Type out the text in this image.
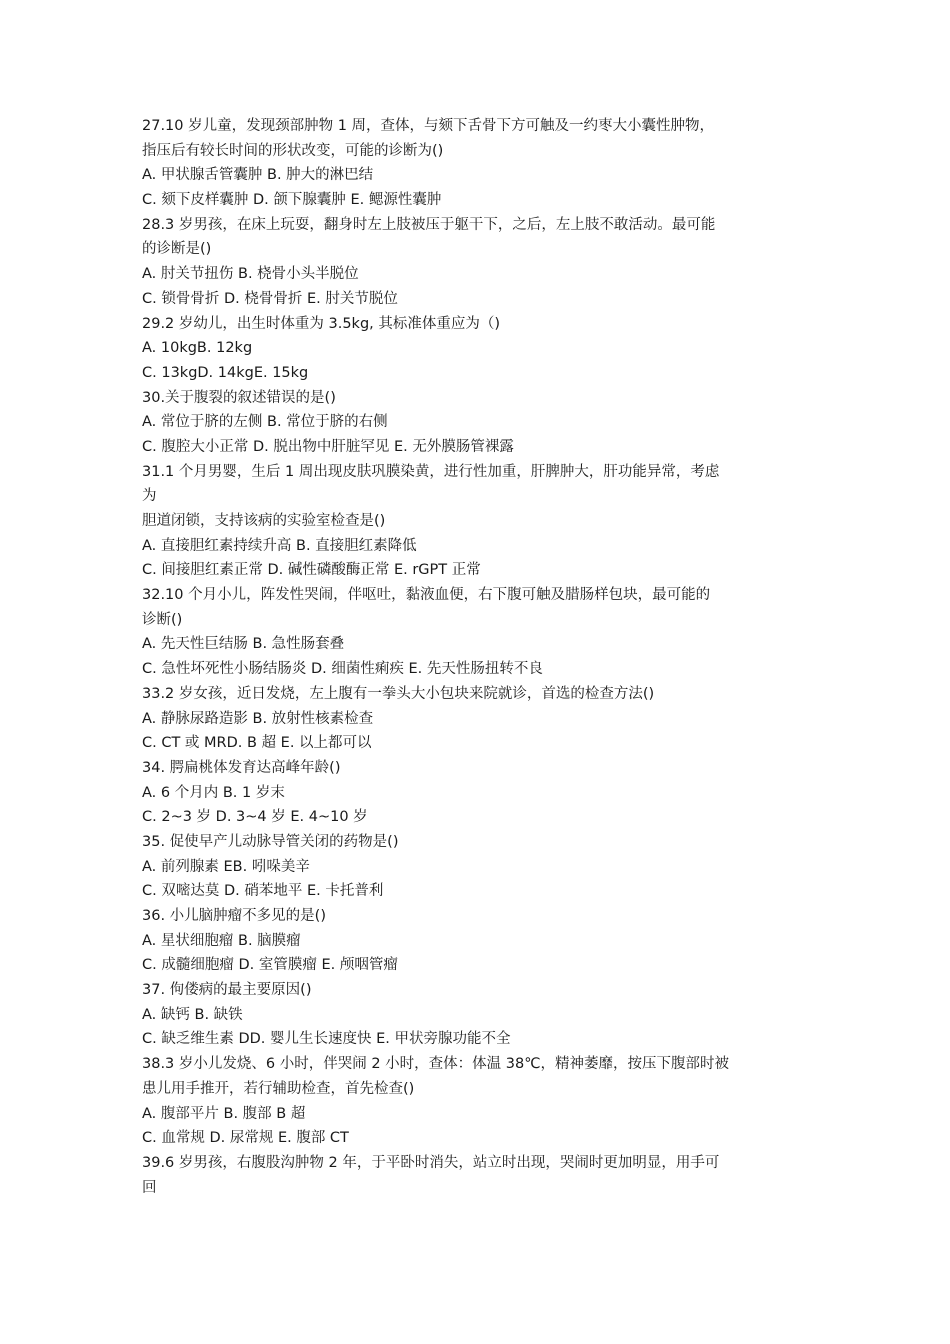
27.10 岁儿童，发现颈部肿物 1 周，查体，与颏下舌骨下方可触及一约枣大小囊性肿物，
指压后有较长时间的形状改变，可能的诊断为()
A. 甲状腺舌管囊肿 B. 肿大的淋巴结
C. 颏下皮样囊肿 D. 颌下腺囊肿 E. 鳃源性囊肿
28.3 岁男孩，在床上玩耍，翻身时左上肢被压于躯干下，之后，左上肢不敢活动。最可能
的诊断是()
A. 肘关节扭伤 B. 桡骨小头半脱位
C. 锁骨骨折 D. 桡骨骨折 E. 肘关节脱位
29.2 岁幼儿，出生时体重为 3.5kg, 其标准体重应为（)
A. 10kgB. 12kg
C. 13kgD. 14kgE. 15kg
30.关于腹裂的叙述错误的是()
A. 常位于脐的左侧 B. 常位于脐的右侧
C. 腹腔大小正常 D. 脱出物中肝脏罕见 E. 无外膜肠管裸露
31.1 个月男婴，生后 1 周出现皮肤巩膜染黄，进行性加重，肝脾肿大，肝功能异常，考虑
为
胆道闭锁，支持该病的实验室检查是()
A. 直接胆红素持续升高 B. 直接胆红素降低
C. 间接胆红素正常 D. 碱性磷酸酶正常 E. rGPT 正常
32.10 个月小儿，阵发性哭闹，伴呕吐，黏液血便，右下腹可触及腊肠样包块，最可能的
诊断()
A. 先天性巨结肠 B. 急性肠套叠
C. 急性坏死性小肠结肠炎 D. 细菌性痢疾 E. 先天性肠扭转不良
33.2 岁女孩，近日发烧，左上腹有一拳头大小包块来院就诊，首选的检查方法()
A. 静脉尿路造影 B. 放射性核素检查
C. CT 或 MRD. B 超 E. 以上都可以
34. 腭扁桃体发育达高峰年龄()
A. 6 个月内 B. 1 岁末
C. 2~3 岁 D. 3~4 岁 E. 4~10 岁
35. 促使早产儿动脉导管关闭的药物是()
A. 前列腺素 EB. 吲哚美辛
C. 双嘧达莫 D. 硝苯地平 E. 卡托普利
36. 小儿脑肿瘤不多见的是()
A. 星状细胞瘤 B. 脑膜瘤
C. 成髓细胞瘤 D. 室管膜瘤 E. 颅咽管瘤
37. 佝偻病的最主要原因()
A. 缺钙 B. 缺铁
C. 缺乏维生素 DD. 婴儿生长速度快 E. 甲状旁腺功能不全
38.3 岁小儿发烧、6 小时，伴哭闹 2 小时，查体：体温 38℃，精神萎靡，按压下腹部时被
患儿用手推开，若行辅助检查，首先检查()
A. 腹部平片 B. 腹部 B 超
C. 血常规 D. 尿常规 E. 腹部 CT
39.6 岁男孩，右腹股沟肿物 2 年，于平卧时消失，站立时出现，哭闹时更加明显，用手可
回
